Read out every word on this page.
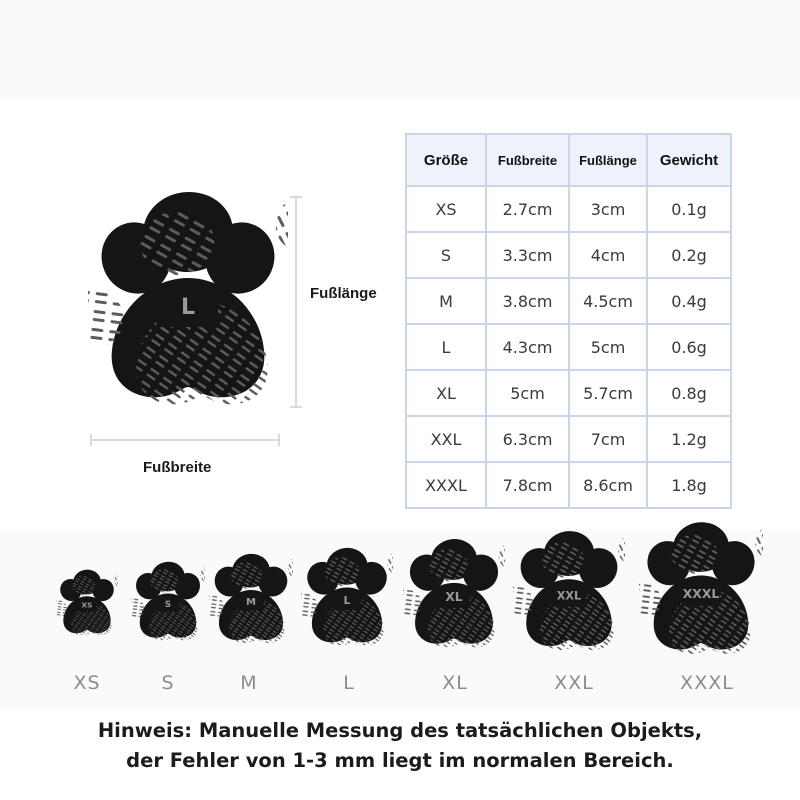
L
Fußlänge
Fußbreite
Größe	Fußbreite	Fußlänge	Gewicht
XS	2.7cm	3cm	0.1g
S	3.3cm	4cm	0.2g
M	3.8cm	4.5cm	0.4g
L	4.3cm	5cm	0.6g
XL	5cm	5.7cm	0.8g
XXL	6.3cm	7cm	1.2g
XXXL	7.8cm	8.6cm	1.8g
XS
XS
S
S
M
M
L
L
XL
XL
XXL
XXL
XXXL
XXXL
Hinweis: Manuelle Messung des tatsächlichen Objekts,
der Fehler von 1-3 mm liegt im normalen Bereich.
